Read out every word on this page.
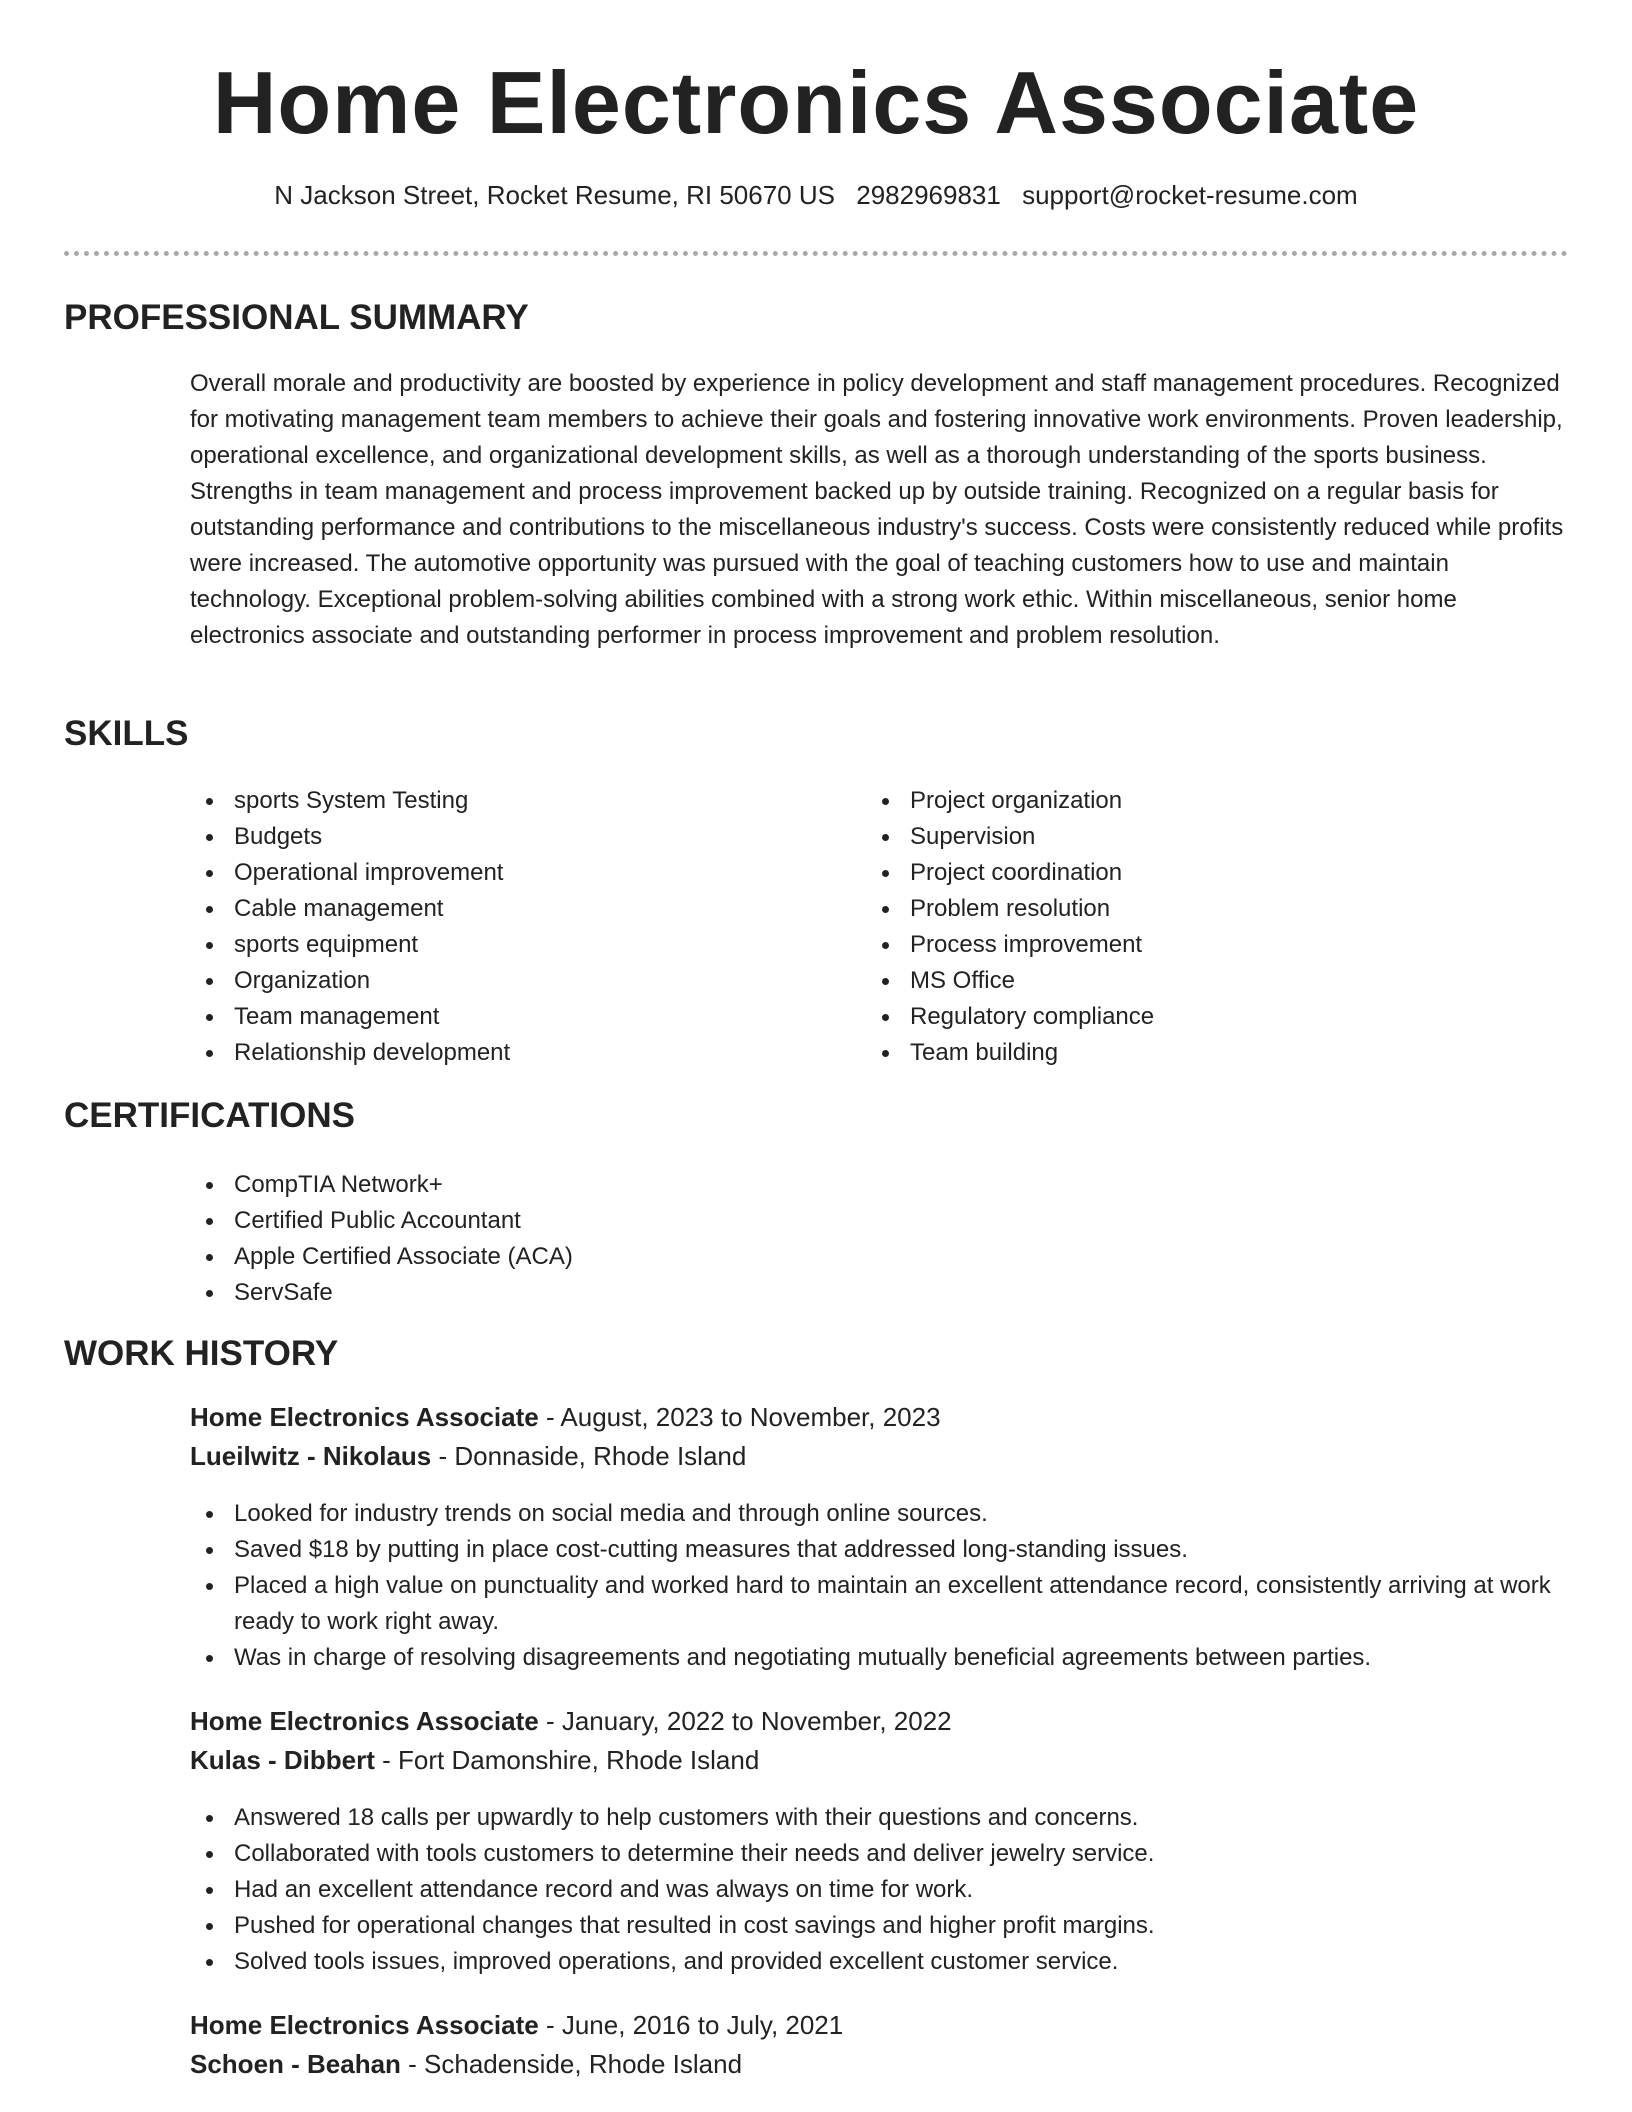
Home Electronics Associate
N Jackson Street, Rocket Resume, RI 50670 US 2982969831 support@rocket-resume.com
PROFESSIONAL SUMMARY

Overall morale and productivity are boosted by experience in policy development and staff management procedures. Recognized for motivating management team members to achieve their goals and fostering innovative work environments. Proven leadership, operational excellence, and organizational development skills, as well as a thorough understanding of the sports business. Strengths in team management and process improvement backed up by outside training. Recognized on a regular basis for outstanding performance and contributions to the miscellaneous industry's success. Costs were consistently reduced while profits were increased. The automotive opportunity was pursued with the goal of teaching customers how to use and maintain technology. Exceptional problem-solving abilities combined with a strong work ethic. Within miscellaneous, senior home electronics associate and outstanding performer in process improvement and problem resolution.

SKILLS
sports System Testing
Budgets
Operational improvement
Cable management
sports equipment
Organization
Team management
Relationship development
Project organization
Supervision
Project coordination
Problem resolution
Process improvement
MS Office
Regulatory compliance
Team building
CERTIFICATIONS
CompTIA Network+
Certified Public Accountant
Apple Certified Associate (ACA)
ServSafe
WORK HISTORY
Home Electronics Associate - August, 2023 to November, 2023
Lueilwitz - Nikolaus - Donnaside, Rhode Island
Looked for industry trends on social media and through online sources.
Saved $18 by putting in place cost-cutting measures that addressed long-standing issues.
Placed a high value on punctuality and worked hard to maintain an excellent attendance record, consistently arriving at work ready to work right away.
Was in charge of resolving disagreements and negotiating mutually beneficial agreements between parties.
Home Electronics Associate - January, 2022 to November, 2022
Kulas - Dibbert - Fort Damonshire, Rhode Island
Answered 18 calls per upwardly to help customers with their questions and concerns.
Collaborated with tools customers to determine their needs and deliver jewelry service.
Had an excellent attendance record and was always on time for work.
Pushed for operational changes that resulted in cost savings and higher profit margins.
Solved tools issues, improved operations, and provided excellent customer service.
Home Electronics Associate - June, 2016 to July, 2021
Schoen - Beahan - Schadenside, Rhode Island
